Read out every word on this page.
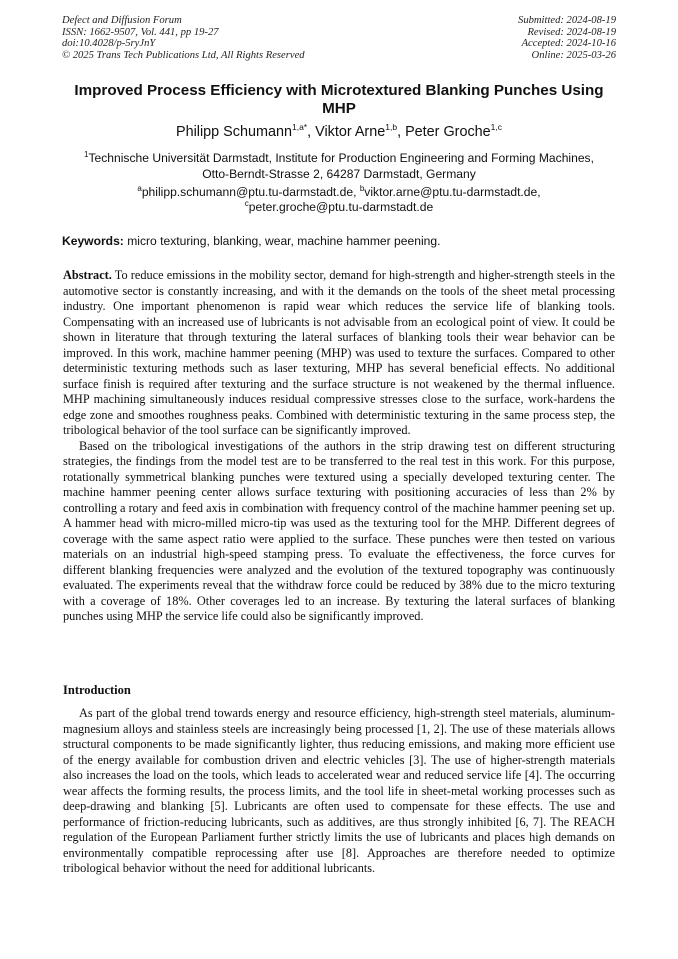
Defect and Diffusion Forum
ISSN: 1662-9507, Vol. 441, pp 19-27
doi:10.4028/p-5ryJnY
© 2025 Trans Tech Publications Ltd, All Rights Reserved
Submitted: 2024-08-19
Revised: 2024-08-19
Accepted: 2024-10-16
Online: 2025-03-26
Improved Process Efficiency with Microtextured Blanking Punches Using MHP
Philipp Schumann$^{1,a*}$, Viktor Arne$^{1,b}$, Peter Groche$^{1,c}$
$^1$Technische Universität Darmstadt, Institute for Production Engineering and Forming Machines,
Otto-Berndt-Strasse 2, 64287 Darmstadt, Germany
$^a$philipp.schumann@ptu.tu-darmstadt.de, $^b$viktor.arne@ptu.tu-darmstadt.de,
$^c$peter.groche@ptu.tu-darmstadt.de
Keywords: micro texturing, blanking, wear, machine hammer peening.

Abstract. To reduce emissions in the mobility sector, demand for high-strength and higher-strength steels in the automotive sector is constantly increasing, and with it the demands on the tools of the sheet metal processing industry. One important phenomenon is rapid wear which reduces the service life of blanking tools. Compensating with an increased use of lubricants is not advisable from an ecological point of view. It could be shown in literature that through texturing the lateral surfaces of blanking tools their wear behavior can be improved. In this work, machine hammer peening (MHP) was used to texture the surfaces. Compared to other deterministic texturing methods such as laser texturing, MHP has several beneficial effects. No additional surface finish is required after texturing and the surface structure is not weakened by the thermal influence. MHP machining simultaneously induces residual compressive stresses close to the surface, work-hardens the edge zone and smoothes roughness peaks. Combined with deterministic texturing in the same process step, the tribological behavior of the tool surface can be significantly improved.

Based on the tribological investigations of the authors in the strip drawing test on different structuring strategies, the findings from the model test are to be transferred to the real test in this work. For this purpose, rotationally symmetrical blanking punches were textured using a specially developed texturing center. The machine hammer peening center allows surface texturing with positioning accuracies of less than 2% by controlling a rotary and feed axis in combination with frequency control of the machine hammer peening set up. A hammer head with micro-milled micro-tip was used as the texturing tool for the MHP. Different degrees of coverage with the same aspect ratio were applied to the surface. These punches were then tested on various materials on an industrial high-speed stamping press. To evaluate the effectiveness, the force curves for different blanking frequencies were analyzed and the evolution of the textured topography was continuously evaluated. The experiments reveal that the withdraw force could be reduced by 38% due to the micro texturing with a coverage of 18%. Other coverages led to an increase. By texturing the lateral surfaces of blanking punches using MHP the service life could also be significantly improved.

Introduction

As part of the global trend towards energy and resource efficiency, high-strength steel materials, aluminum-magnesium alloys and stainless steels are increasingly being processed [1, 2]. The use of these materials allows structural components to be made significantly lighter, thus reducing emissions, and making more efficient use of the energy available for combustion driven and electric vehicles [3]. The use of higher-strength materials also increases the load on the tools, which leads to accelerated wear and reduced service life [4]. The occurring wear affects the forming results, the process limits, and the tool life in sheet-metal working processes such as deep-drawing and blanking [5]. Lubricants are often used to compensate for these effects. The use and performance of friction-reducing lubricants, such as additives, are thus strongly inhibited [6, 7]. The REACH regulation of the European Parliament further strictly limits the use of lubricants and places high demands on environmentally compatible reprocessing after use [8]. Approaches are therefore needed to optimize tribological behavior without the need for additional lubricants.
